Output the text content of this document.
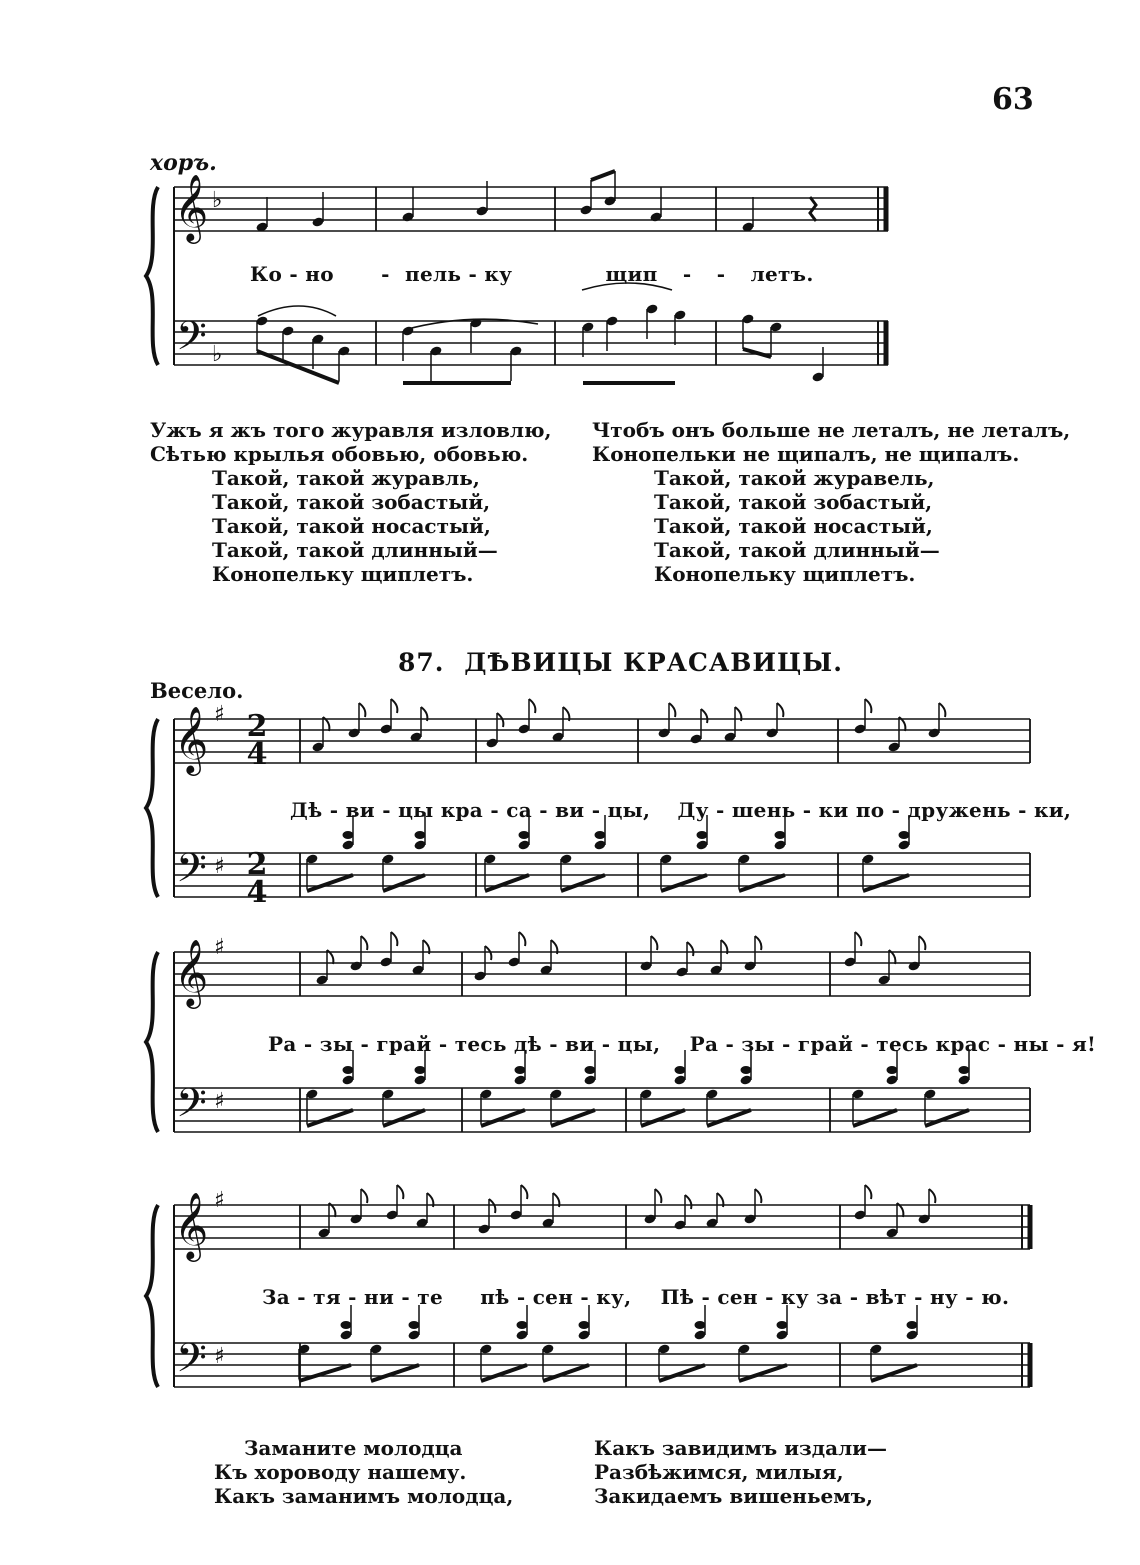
63
𝄞
𝄢
♭
♭
𝄞
𝄢
♯
♯
𝄞
𝄢
♯
♯
𝄞
𝄢
♯
♯
хоръ.
Ко - но - пель - ку	щип - - летъ.
Ужъ я жъ того журавля изловлю,
Сѣтью крылья обовью, обовью.
Такой, такой журавль,
Такой, такой зобастый,
Такой, такой носастый,
Такой, такой длинный—
Конопельку щиплетъ.
Чтобъ онъ больше не леталъ, не леталъ,
Конопельки не щипалъ, не щипалъ.
Такой, такой журавель,
Такой, такой зобастый,
Такой, такой носастый,
Такой, такой длинный—
Конопельку щиплетъ.
87. ДѢВИЦЫ КРАСАВИЦЫ.
Весело.
Дѣ - ви - цы кра - са - ви - цы, Ду - шень - ки по - дружень - ки,
Ра - зы - грай - тесь дѣ - ви - цы, Ра - зы - грай - тесь крас - ны - я!
За - тя - ни - те пѣ - сен - ку, Пѣ - сен - ку за - вѣт - ну - ю.
Заманите молодца
Къ хороводу нашему.
Какъ заманимъ молодца,
Какъ завидимъ издали—
Разбѣжимся, милыя,
Закидаемъ вишеньемъ,
2
4
2
4
